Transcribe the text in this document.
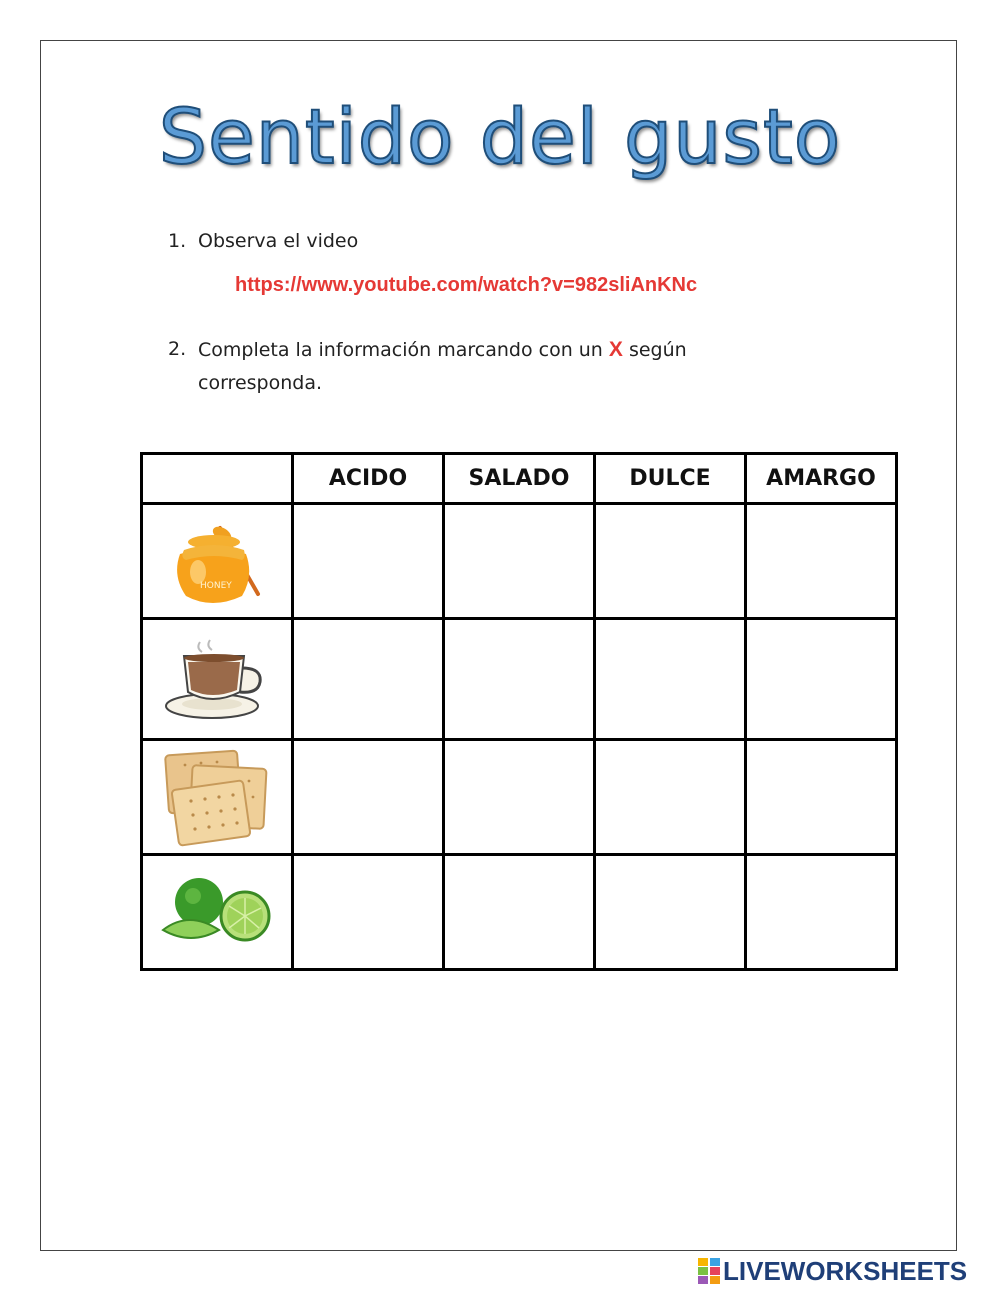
Sentido del gusto
1. Observa el video
https://www.youtube.com/watch?v=982sliAnKNc
2. Completa la información marcando con un X según
corresponda.
	ACIDO	SALADO	DULCE	AMARGO

HONEY				

LIVEWORKSHEETS
